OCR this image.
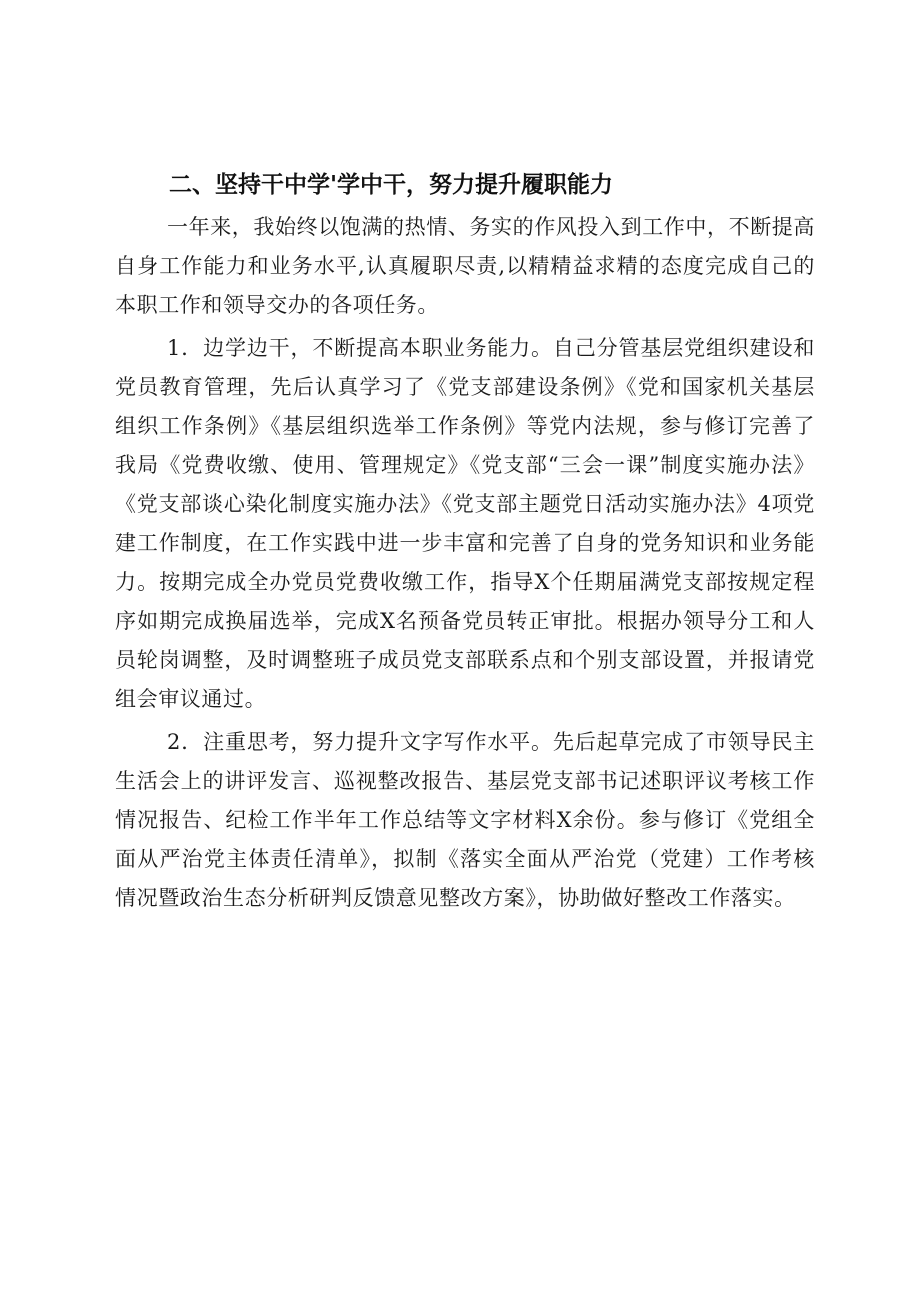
二、坚持干中学'学中干，努力提升履职能力

一年来，我始终以饱满的热情、务实的作风投入到工作中，不断提高自身工作能力和业务水平,认真履职尽责,以精精益求精的态度完成自己的本职工作和领导交办的各项任务。

1．边学边干，不断提高本职业务能力。自己分管基层党组织建设和党员教育管理，先后认真学习了《党支部建设条例》《党和国家机关基层组织工作条例》《基层组织选举工作条例》等党内法规，参与修订完善了我局《党费收缴、使用、管理规定》《党支部“三会一课”制度实施办法》《党支部谈心染化制度实施办法》《党支部主题党日活动实施办法》4项党建工作制度，在工作实践中进一步丰富和完善了自身的党务知识和业务能力。按期完成全办党员党费收缴工作，指导X个任期届满党支部按规定程序如期完成换届选举，完成X名预备党员转正审批。根据办领导分工和人员轮岗调整，及时调整班子成员党支部联系点和个别支部设置，并报请党组会审议通过。

2．注重思考，努力提升文字写作水平。先后起草完成了市领导民主生活会上的讲评发言、巡视整改报告、基层党支部书记述职评议考核工作情况报告、纪检工作半年工作总结等文字材料X余份。参与修订《党组全面从严治党主体责任清单》，拟制《落实全面从严治党（党建）工作考核情况暨政治生态分析研判反馈意见整改方案》，协助做好整改工作落实。
